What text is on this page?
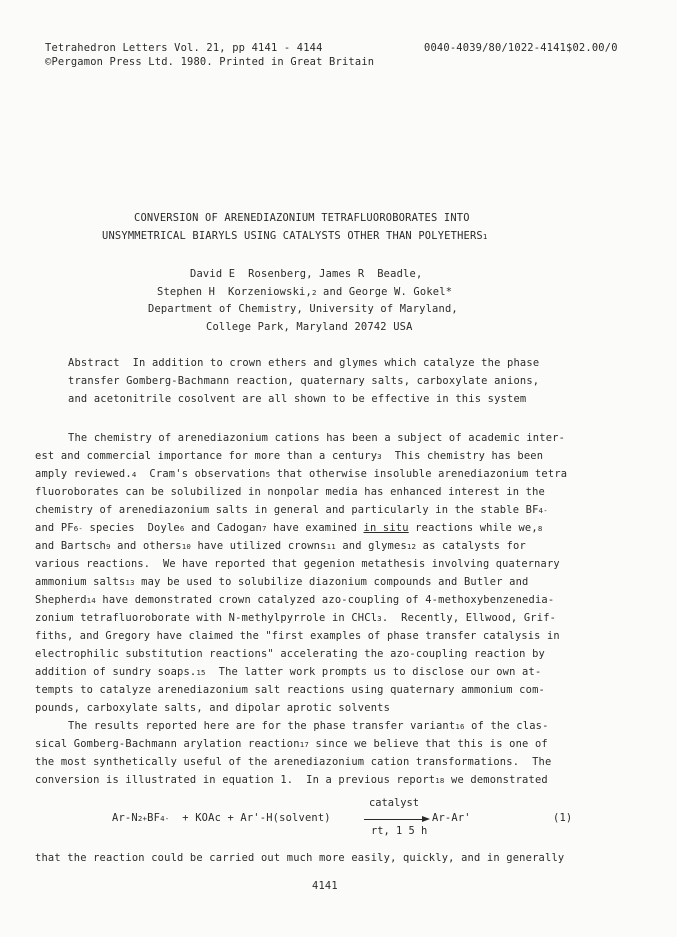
Tetrahedron Letters Vol. 21, pp 4141 - 4144	0040-4039/80/1022-4141$02.00/0
©Pergamon Press Ltd. 1980. Printed in Great Britain
CONVERSION OF ARENEDIAZONIUM TETRAFLUOROBORATES INTO
UNSYMMETRICAL BIARYLS USING CATALYSTS OTHER THAN POLYETHERS 1
David E  Rosenberg, James R  Beadle,
Stephen H  Korzeniowski, 2 and George W. Gokel*
Department of Chemistry, University of Maryland,
College Park, Maryland 20742 USA
Abstract
In addition to crown ethers and glymes which catalyze the phase
transfer Gomberg-Bachmann reaction, quaternary salts, carboxylate anions,
and acetonitrile cosolvent are all shown to be effective in this system
The chemistry of arenediazonium cations has been a subject of academic inter-
est and commercial importance for more than a century 3 This chemistry has been
amply reviewed. 4 Cram's observation 5 that otherwise insoluble arenediazonium tetra
fluoroborates can be solubilized in nonpolar media has enhanced interest in the
chemistry of arenediazonium salts in general and particularly in the stable BF 4 -
and PF 6 - species  Doyle 6 and Cadogan 7 have examined in situ reactions while we, 8
and Bartsch 9 and others 10 have utilized crowns 11 and glymes 12 as catalysts for
various reactions.  We have reported that gegenion metathesis involving quaternary
ammonium salts 13 may be used to solubilize diazonium compounds and Butler and
Shepherd 14 have demonstrated crown catalyzed azo-coupling of 4-methoxybenzenedia-
zonium tetrafluoroborate with N-methylpyrrole in CHCl 3 .  Recently, Ellwood, Grif-
fiths, and Gregory have claimed the "first examples of phase transfer catalysis in
electrophilic substitution reactions" accelerating the azo-coupling reaction by
addition of sundry soaps. 15 The latter work prompts us to disclose our own at-
tempts to catalyze arenediazonium salt reactions using quaternary ammonium com-
pounds, carboxylate salts, and dipolar aprotic solvents
The results reported here are for the phase transfer variant 16 of the clas-
sical Gomberg-Bachmann arylation reaction 17 since we believe that this is one of
the most synthetically useful of the arenediazonium cation transformations.  The
conversion is illustrated in equation 1.  In a previous report 18 we demonstrated
catalyst
Ar-N 2 + BF 4 - + KOAc + Ar'-H(solvent)	Ar-Ar'	(1)
rt, 1 5 h
that the reaction could be carried out much more easily, quickly, and in generally
4141
